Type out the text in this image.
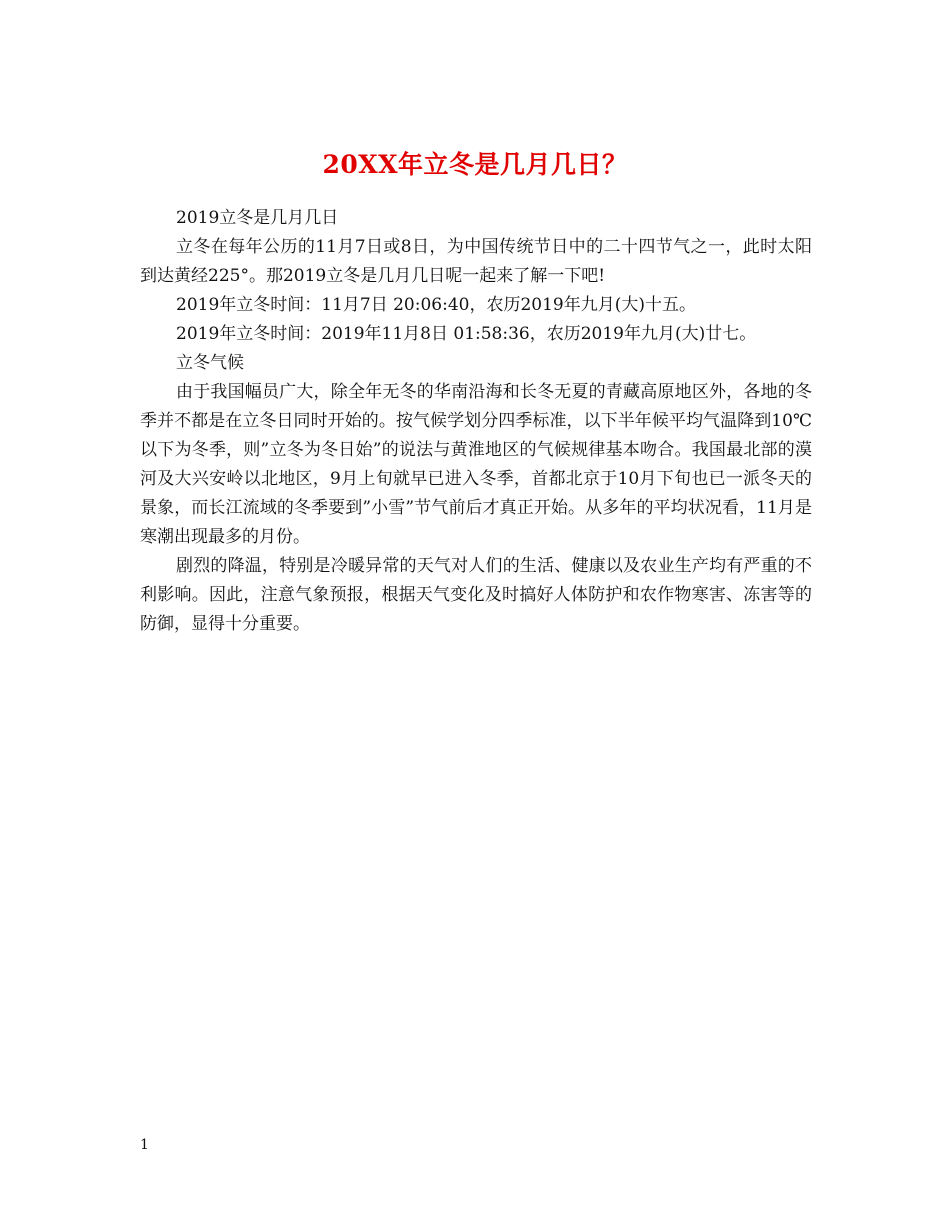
20XX年立冬是几月几日？

2019立冬是几月几日

立冬在每年公历的11月7日或8日，为中国传统节日中的二十四节气之一，此时太阳到达黄经225°。那2019立冬是几月几日呢一起来了解一下吧!

2019年立冬时间：11月7日 20:06:40，农历2019年九月(大)十五。

2019年立冬时间：2019年11月8日 01:58:36，农历2019年九月(大)廿七。

立冬气候

由于我国幅员广大，除全年无冬的华南沿海和长冬无夏的青藏高原地区外，各地的冬季并不都是在立冬日同时开始的。按气候学划分四季标准，以下半年候平均气温降到10℃以下为冬季，则”立冬为冬日始”的说法与黄淮地区的气候规律基本吻合。我国最北部的漠河及大兴安岭以北地区，9月上旬就早已进入冬季，首都北京于10月下旬也已一派冬天的景象，而长江流域的冬季要到”小雪”节气前后才真正开始。从多年的平均状况看，11月是寒潮出现最多的月份。

剧烈的降温，特别是冷暖异常的天气对人们的生活、健康以及农业生产均有严重的不利影响。因此，注意气象预报，根据天气变化及时搞好人体防护和农作物寒害、冻害等的防御，显得十分重要。

1
